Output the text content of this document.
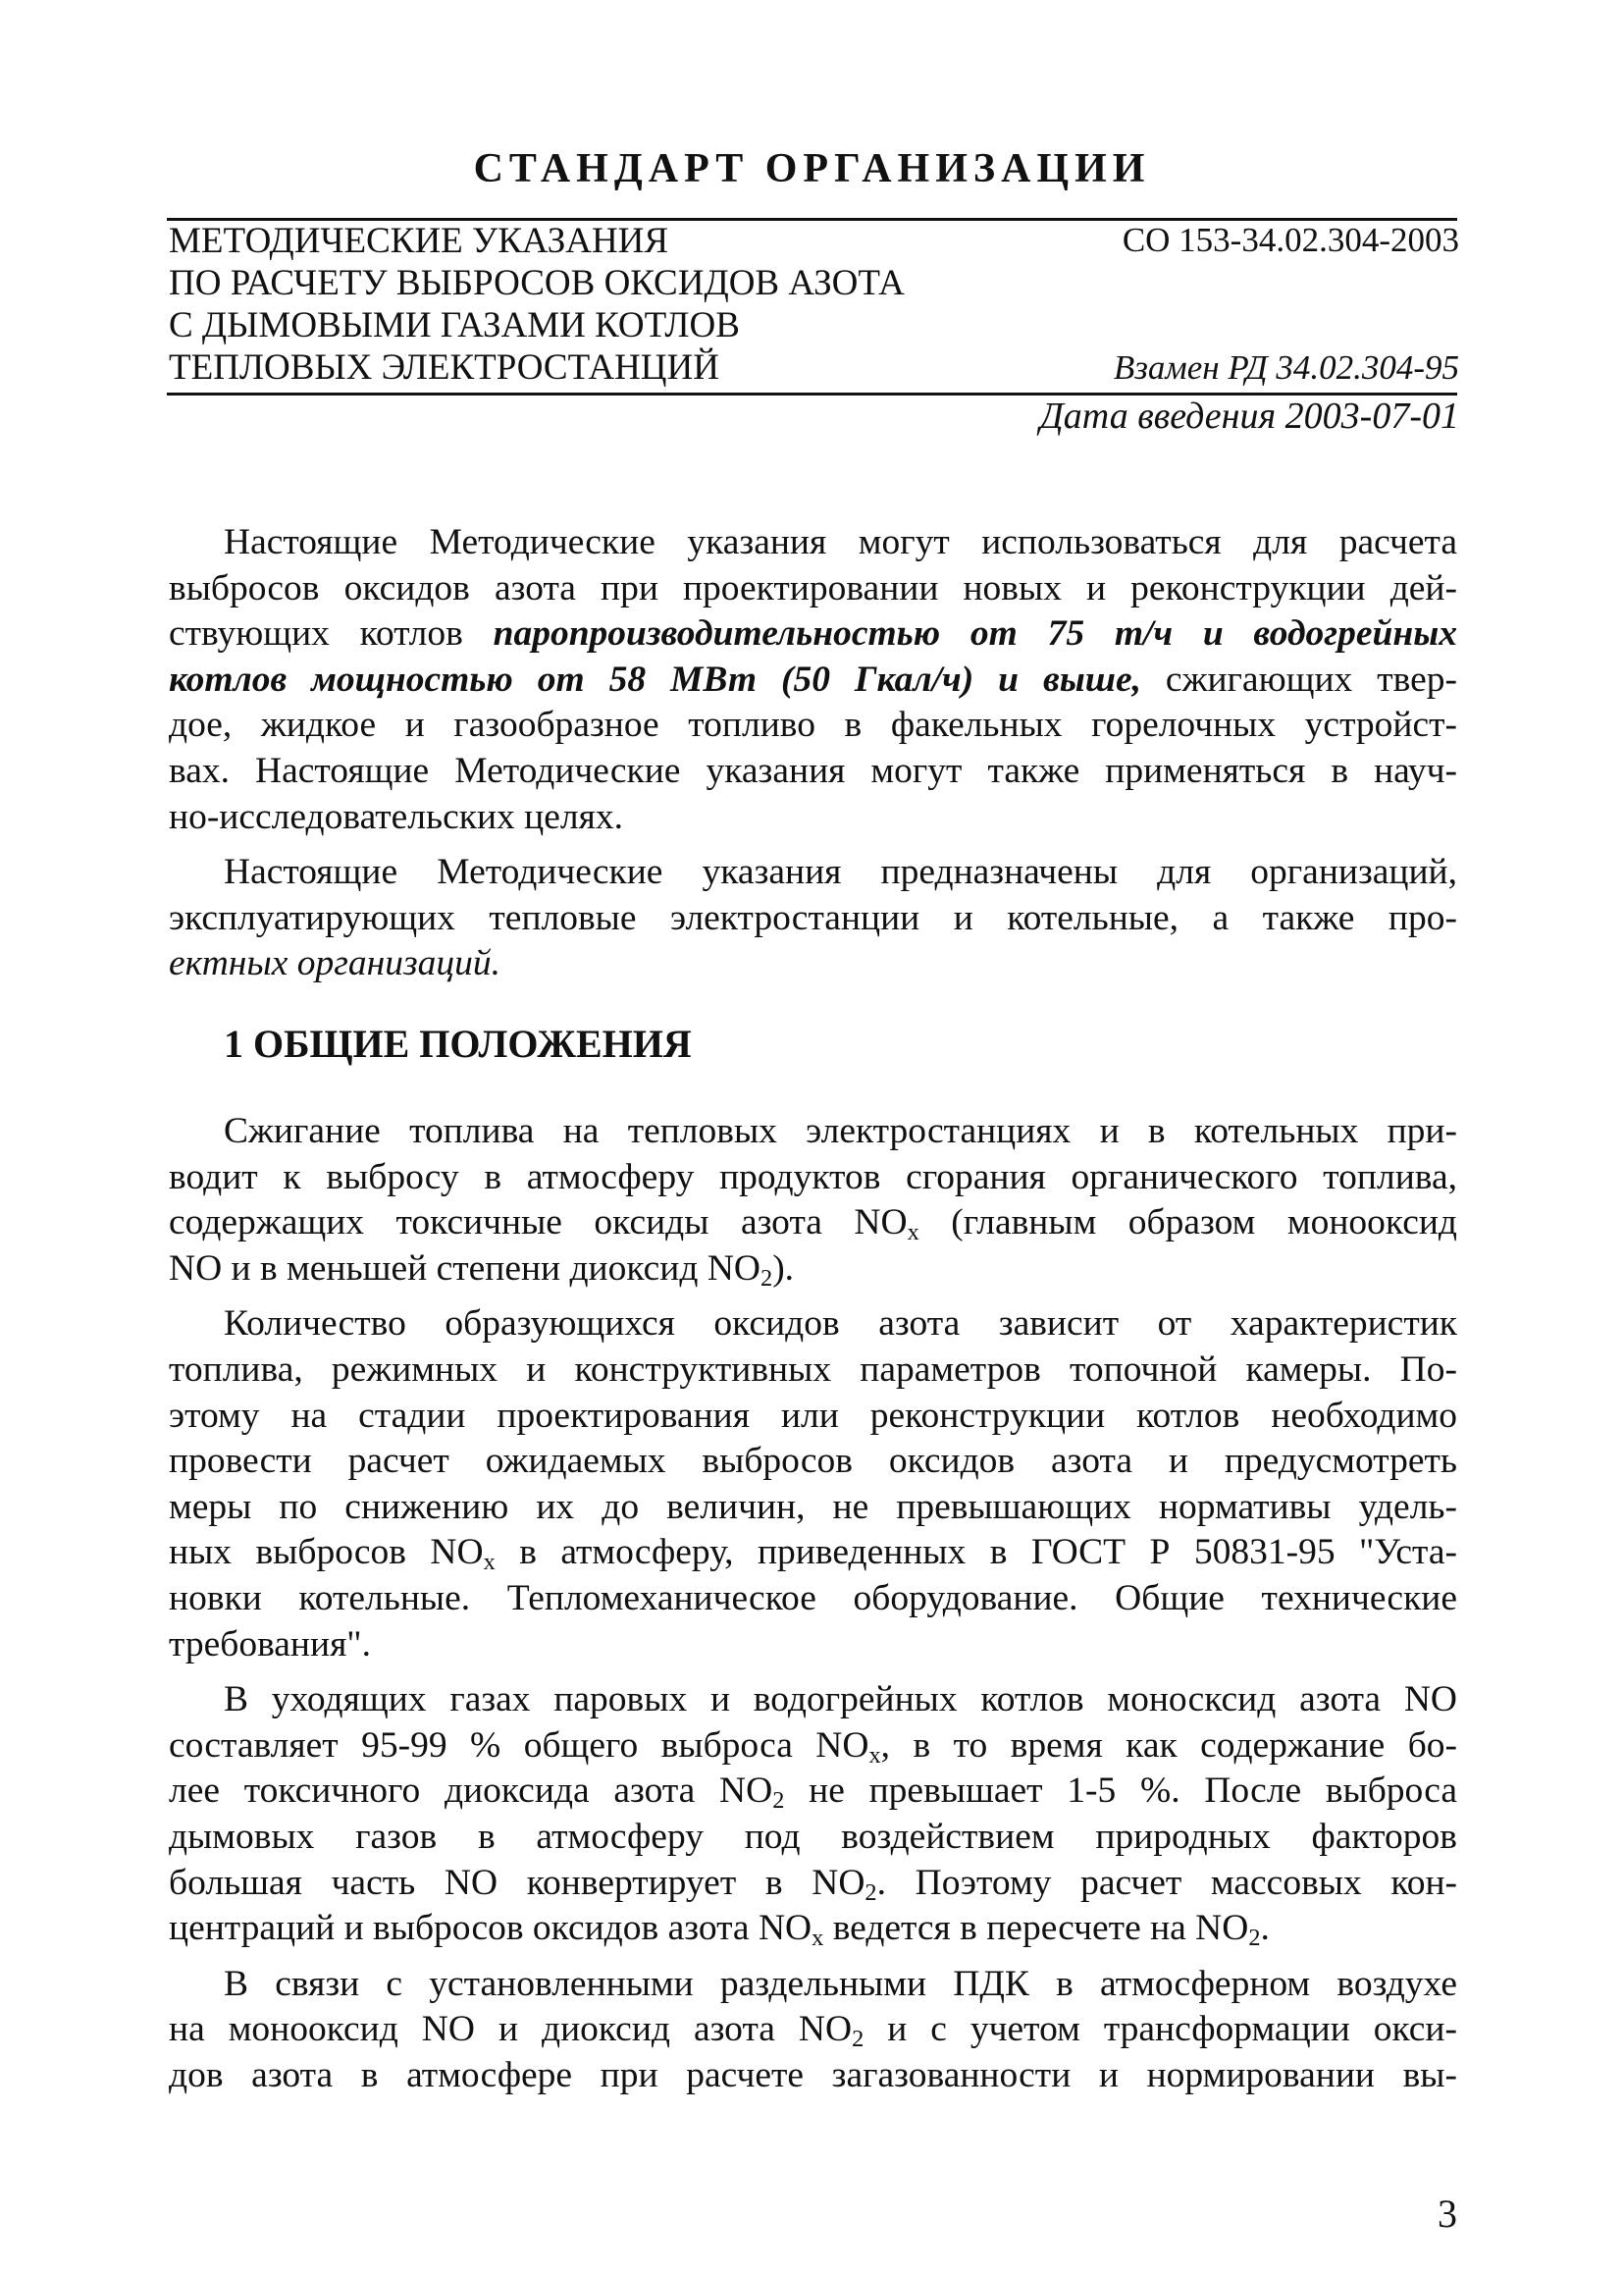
СТАНДАРТ ОРГАНИЗАЦИИ
МЕТОДИЧЕСКИЕ УКАЗАНИЯ
ПО РАСЧЕТУ ВЫБРОСОВ ОКСИДОВ АЗОТА
С ДЫМОВЫМИ ГАЗАМИ КОТЛОВ
ТЕПЛОВЫХ ЭЛЕКТРОСТАНЦИЙ
СО 153-34.02.304-2003
Взамен РД 34.02.304-95
Дата введения 2003-07-01
Настоящие Методические указания могут использоваться для расчета
выбросов оксидов азота при проектировании новых и реконструкции дей-
ствующих котлов паропроизводительностью от 75 т/ч и водогрейных
котлов мощностью от 58 МВт (50 Гкал/ч) и выше, сжигающих твер-
дое, жидкое и газообразное топливо в факельных горелочных устройст-
вах. Настоящие Методические указания могут также применяться в науч-
но-исследовательских целях.
Настоящие Методические указания предназначены для организаций,
эксплуатирующих тепловые электростанции и котельные, а также про-
ектных организаций.
1 ОБЩИЕ ПОЛОЖЕНИЯ
Сжигание топлива на тепловых электростанциях и в котельных при-
водит к выбросу в атмосферу продуктов сгорания органического топлива,
содержащих токсичные оксиды азота $NO_x$ (главным образом монооксид
NO и в меньшей степени диоксид $NO_2$).
Количество образующихся оксидов азота зависит от характеристик
топлива, режимных и конструктивных параметров топочной камеры. По-
этому на стадии проектирования или реконструкции котлов необходимо
провести расчет ожидаемых выбросов оксидов азота и предусмотреть
меры по снижению их до величин, не превышающих нормативы удель-
ных выбросов $NO_x$ в атмосферу, приведенных в ГОСТ Р 50831-95 "Уста-
новки котельные. Тепломеханическое оборудование. Общие технические
требования".
В уходящих газах паровых и водогрейных котлов моносксид азота NO
составляет 95-99 % общего выброса $NO_x$, в то время как содержание бо-
лее токсичного диоксида азота $NO_2$ не превышает 1-5 %. После выброса
дымовых газов в атмосферу под воздействием природных факторов
большая часть NO конвертирует в $NO_2$. Поэтому расчет массовых кон-
центраций и выбросов оксидов азота $NO_x$ ведется в пересчете на $NO_2$.
В связи с установленными раздельными ПДК в атмосферном воздухе
на монооксид NO и диоксид азота $NO_2$ и с учетом трансформации окси-
дов азота в атмосфере при расчете загазованности и нормировании вы-
3
